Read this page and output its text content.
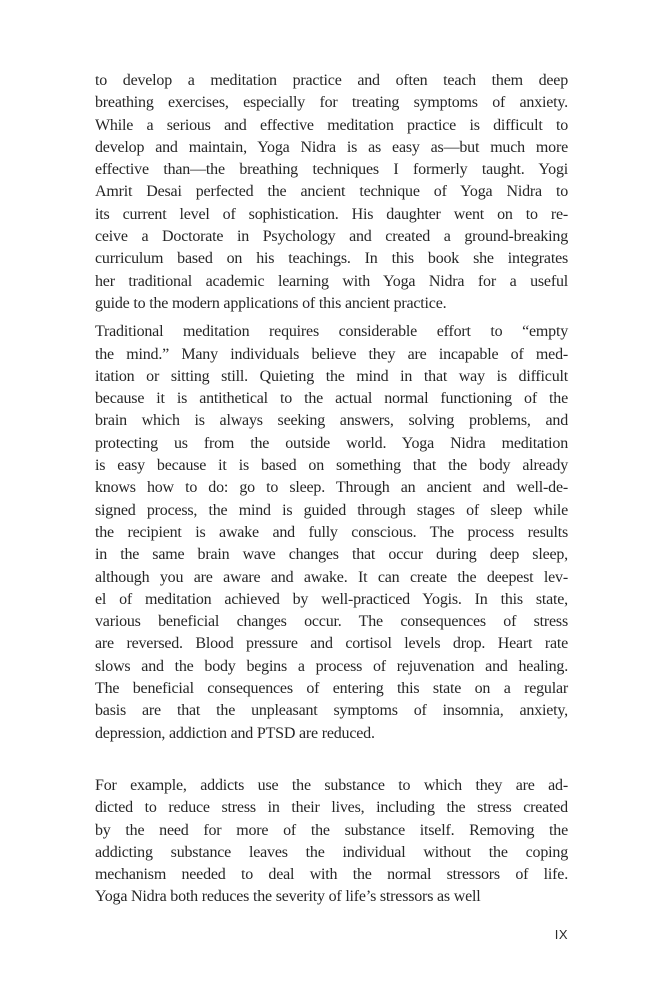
to develop a meditation practice and often teach them deep
breathing exercises, especially for treating symptoms of anxiety.
While a serious and effective meditation practice is difficult to
develop and maintain, Yoga Nidra is as easy as—but much more
effective than—the breathing techniques I formerly taught. Yogi
Amrit Desai perfected the ancient technique of Yoga Nidra to
its current level of sophistication. His daughter went on to re-
ceive a Doctorate in Psychology and created a ground-breaking
curriculum based on his teachings. In this book she integrates
her traditional academic learning with Yoga Nidra for a useful
guide to the modern applications of this ancient practice.
Traditional meditation requires considerable effort to “empty
the mind.” Many individuals believe they are incapable of med-
itation or sitting still. Quieting the mind in that way is difficult
because it is antithetical to the actual normal functioning of the
brain which is always seeking answers, solving problems, and
protecting us from the outside world. Yoga Nidra meditation
is easy because it is based on something that the body already
knows how to do: go to sleep. Through an ancient and well-de-
signed process, the mind is guided through stages of sleep while
the recipient is awake and fully conscious. The process results
in the same brain wave changes that occur during deep sleep,
although you are aware and awake. It can create the deepest lev-
el of meditation achieved by well-practiced Yogis. In this state,
various beneficial changes occur. The consequences of stress
are reversed. Blood pressure and cortisol levels drop. Heart rate
slows and the body begins a process of rejuvenation and healing.
The beneficial consequences of entering this state on a regular
basis are that the unpleasant symptoms of insomnia, anxiety,
depression, addiction and PTSD are reduced.
For example, addicts use the substance to which they are ad-
dicted to reduce stress in their lives, including the stress created
by the need for more of the substance itself. Removing the
addicting substance leaves the individual without the coping
mechanism needed to deal with the normal stressors of life.
Yoga Nidra both reduces the severity of life’s stressors as well
IX
